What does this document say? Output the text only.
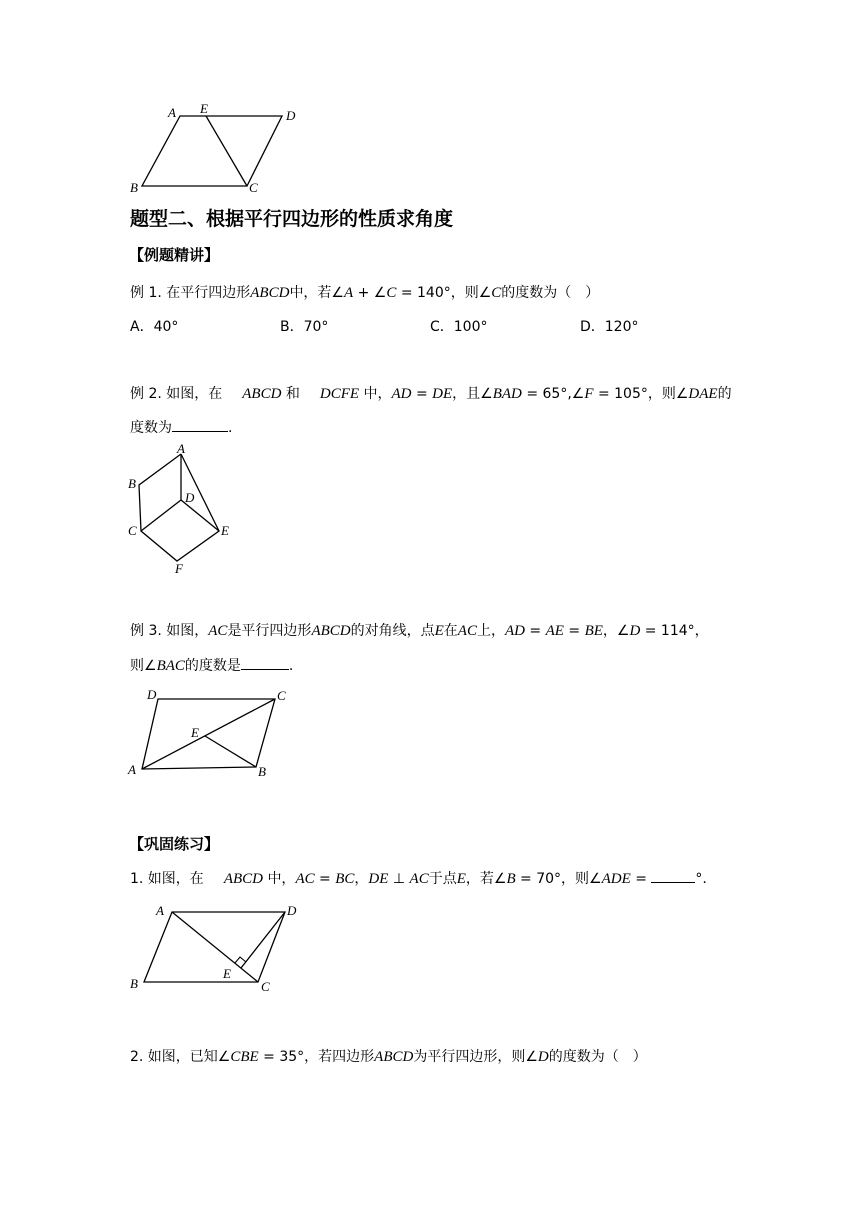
A E	D
B	C
题型二、根据平行四边形的性质求角度
【例题精讲】
例 1. 在平行四边形ABCD中，若∠A + ∠C = 140°，则∠C的度数为（　）
A．40°	B．70°	C．100°	D．120°
例 2. 如图，在 ABCD 和 DCFE 中，AD = DE，且∠BAD = 65°,∠F = 105°，则∠DAE的
度数为	.
A
B
D
C	E
F
例 3. 如图，AC是平行四边形ABCD的对角线，点E在AC上，AD = AE = BE，∠D = 114°，
则∠BAC的度数是	.
D	C
E
A	B
【巩固练习】
1. 如图，在 ABCD 中，AC = BC，DE ⊥ AC于点E，若∠B = 70°，则∠ADE =	°.
A	D
E
B	C
2. 如图，已知∠CBE = 35°，若四边形ABCD为平行四边形，则∠D的度数为（　）
